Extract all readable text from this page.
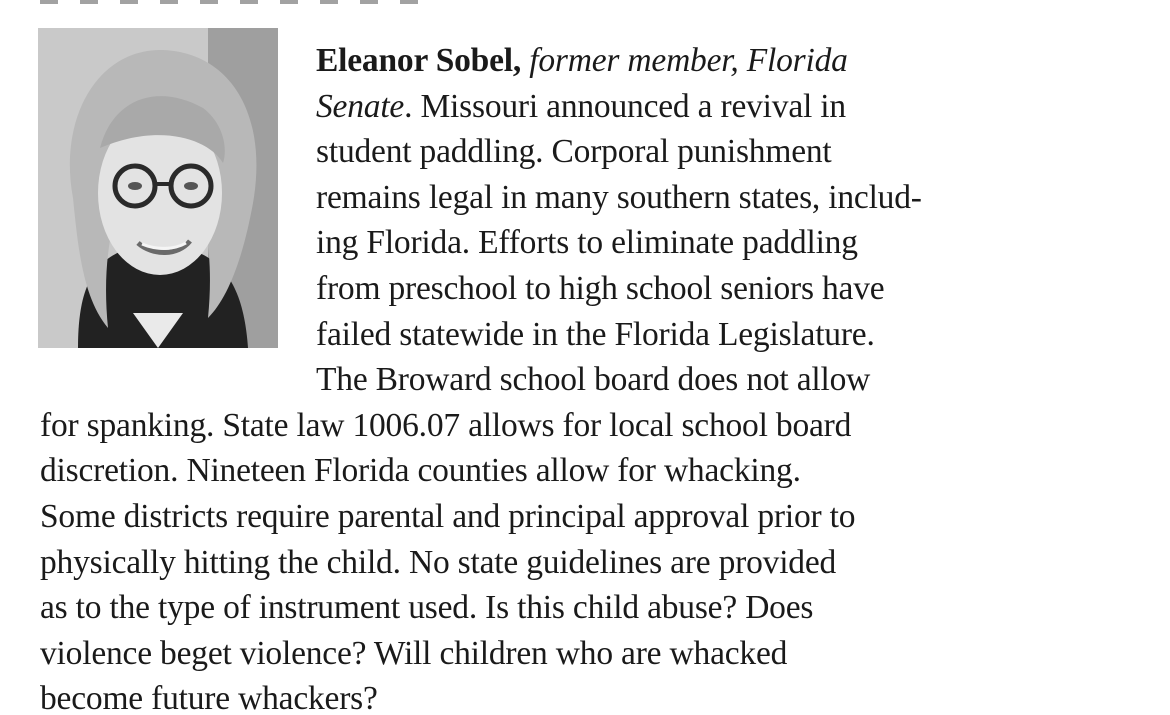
Eleanor Sobel, former member, Florida
Senate. Missouri announced a revival in
student paddling. Corporal punishment
remains legal in many southern states, includ-
ing Florida. Efforts to eliminate paddling
from preschool to high school seniors have
failed statewide in the Florida Legislature.
The Broward school board does not allow
for spanking. State law 1006.07 allows for local school board
discretion. Nineteen Florida counties allow for whacking.
Some districts require parental and principal approval prior to
physically hitting the child. No state guidelines are provided
as to the type of instrument used. Is this child abuse? Does
violence beget violence? Will children who are whacked
become future whackers?
